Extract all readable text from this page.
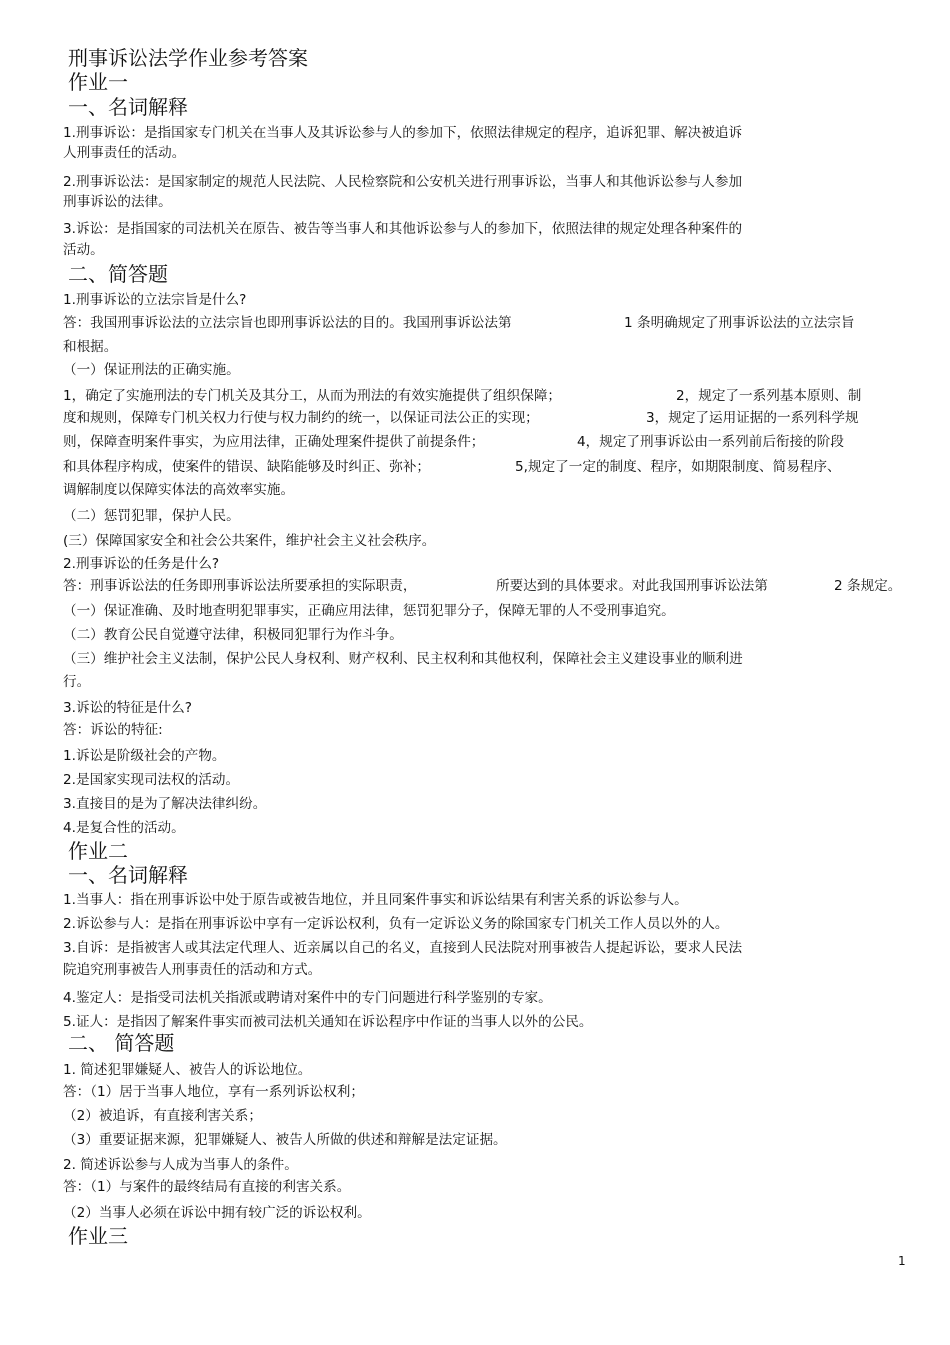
刑事诉讼法学作业参考答案
作业一
一、名词解释
1.刑事诉讼：是指国家专门机关在当事人及其诉讼参与人的参加下，依照法律规定的程序，追诉犯罪、解决被追诉
人刑事责任的活动。
2.刑事诉讼法：是国家制定的规范人民法院、人民检察院和公安机关进行刑事诉讼，当事人和其他诉讼参与人参加
刑事诉讼的法律。
3.诉讼：是指国家的司法机关在原告、被告等当事人和其他诉讼参与人的参加下，依照法律的规定处理各种案件的
活动。
二、简答题
1.刑事诉讼的立法宗旨是什么?
答：我国刑事诉讼法的立法宗旨也即刑事诉讼法的目的。我国刑事诉讼法第	1 条明确规定了刑事诉讼法的立法宗旨
和根据。
（一）保证刑法的正确实施。
1，确定了实施刑法的专门机关及其分工，从而为刑法的有效实施提供了组织保障；	2，规定了一系列基本原则、制
度和规则，保障专门机关权力行使与权力制约的统一，以保证司法公正的实现；	3，规定了运用证据的一系列科学规
则，保障查明案件事实，为应用法律，正确处理案件提供了前提条件；	4，规定了刑事诉讼由一系列前后衔接的阶段
和具体程序构成，使案件的错误、缺陷能够及时纠正、弥补；	5,规定了一定的制度、程序，如期限制度、简易程序、
调解制度以保障实体法的高效率实施。
（二）惩罚犯罪，保护人民。
(三）保障国家安全和社会公共案件，维护社会主义社会秩序。
2.刑事诉讼的任务是什么?
答：刑事诉讼法的任务即刑事诉讼法所要承担的实际职责，	所要达到的具体要求。对此我国刑事诉讼法第	2 条规定。
（一）保证准确、及时地查明犯罪事实，正确应用法律，惩罚犯罪分子，保障无罪的人不受刑事追究。
（二）教育公民自觉遵守法律，积极同犯罪行为作斗争。
（三）维护社会主义法制，保护公民人身权利、财产权利、民主权利和其他权利，保障社会主义建设事业的顺利进
行。
3.诉讼的特征是什么?
答：诉讼的特征:
1.诉讼是阶级社会的产物。
2.是国家实现司法权的活动。
3.直接目的是为了解决法律纠纷。
4.是复合性的活动。
作业二
一、名词解释
1.当事人：指在刑事诉讼中处于原告或被告地位，并且同案件事实和诉讼结果有利害关系的诉讼参与人。
2.诉讼参与人：是指在刑事诉讼中享有一定诉讼权利，负有一定诉讼义务的除国家专门机关工作人员以外的人。
3.自诉：是指被害人或其法定代理人、近亲属以自己的名义，直接到人民法院对刑事被告人提起诉讼，要求人民法
院追究刑事被告人刑事责任的活动和方式。
4.鉴定人：是指受司法机关指派或聘请对案件中的专门问题进行科学鉴别的专家。
5.证人：是指因了解案件事实而被司法机关通知在诉讼程序中作证的当事人以外的公民。
二、 简答题
1. 简述犯罪嫌疑人、被告人的诉讼地位。
答：（1）居于当事人地位，享有一系列诉讼权利；
（2）被追诉，有直接利害关系；
（3）重要证据来源，犯罪嫌疑人、被告人所做的供述和辩解是法定证据。
2. 简述诉讼参与人成为当事人的条件。
答：（1）与案件的最终结局有直接的利害关系。
（2）当事人必须在诉讼中拥有较广泛的诉讼权利。
作业三
1
